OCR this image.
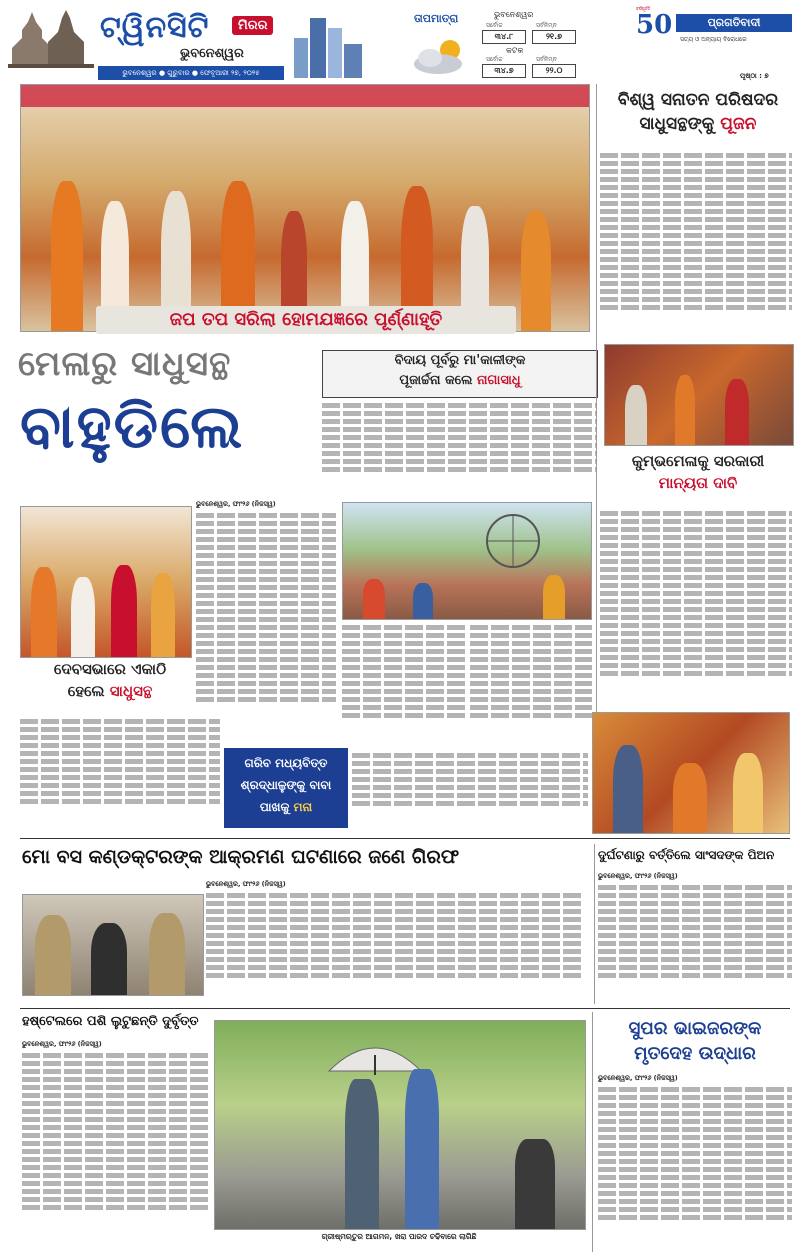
ଟ୍ୱିନସିଟି	ମିରର
ଭୁବନେଶ୍ୱର
ଭୁବନେଶ୍ୱର ● ଗୁରୁବାର ● ଫେବୃଆରୀ ୨୭, ୨୦୨୫
ତାପମାତ୍ରା	ଭୁବନେଶ୍ୱର
ସର୍ବୋଚ୍ଚ	ସର୍ବନିମ୍ନ
୩୪.୮	୨୧.୭
କଟକ
ସର୍ବୋଚ୍ଚ	ସର୍ବନିମ୍ନ
୩୪.୭	୨୨.୦
50
ବର୍ଷପୂର୍ତ୍ତି
ପ୍ରଗତିବାଦୀ
ସତ୍ୟ ଓ ଅନ୍ୟାୟ ବିରୋଧରେ
ପୃଷ୍ଠା : ୭
ଜପ ତପ ସରିଲା ହୋମଯଜ୍ଞରେ ପୂର୍ଣ୍ଣାହୂତି
ମେଳାରୁ ସାଧୁସନ୍ଥ
ବାହୁଡିଲେ
ବିଦାୟ ପୂର୍ବରୁ ମା'କାଳୀଙ୍କ
ପୂଜାର୍ଚ୍ଚନା କଲେ ନାଗାସାଧୁ
ବିଶ୍ୱ ସନାତନ ପରିଷଦର
ସାଧୁସନ୍ଥଙ୍କୁ ପୂଜନ
କୁମ୍ଭମେଳାକୁ ସରକାରୀ
ମାନ୍ୟତା ଦାବି
ଦେବସଭାରେ ଏକାଠି
ହେଲେ ସାଧୁସନ୍ଥ
ଭୁବନେଶ୍ୱର, ଫାଂ୨୬ (ନିଜସ୍ୱ)
ଗରିବ ମଧ୍ୟବିତ୍ତ
ଶ୍ରଦ୍ଧାଳୁଙ୍କୁ ବାବା
ପାଖକୁ ମନା
ମୋ ବସ କଣ୍ଡକ୍ଟରଙ୍କ ଆକ୍ରମଣ ଘଟଣାରେ ଜଣେ ଗିରଫ
ଭୁବନେଶ୍ୱର, ଫାଂ୨୬ (ନିଜସ୍ୱ)
ଦୁର୍ଘଟଣାରୁ ବର୍ତ୍ତିଲେ ସାଂସଦଙ୍କ ପିଅନ
ଭୁବନେଶ୍ୱର, ଫାଂ୨୬ (ନିଜସ୍ୱ)
ହଷ୍ଟେଲରେ ପଶି ଲୁଟୁଛନ୍ତି ଦୁର୍ବୃତ୍ତ
ଭୁବନେଶ୍ୱର, ଫାଂ୨୬ (ନିଜସ୍ୱ)
ଗ୍ରୀଷ୍ମଋତୁର ଆଗମନ, ଖରା ପାରଦ ଚଢିବାରେ ଲାଗିଛି
ସୁପର ଭାଇଜରଙ୍କ
ମୃତଦେହ ଉଦ୍ଧାର
ଭୁବନେଶ୍ୱର, ଫାଂ୨୬ (ନିଜସ୍ୱ)
